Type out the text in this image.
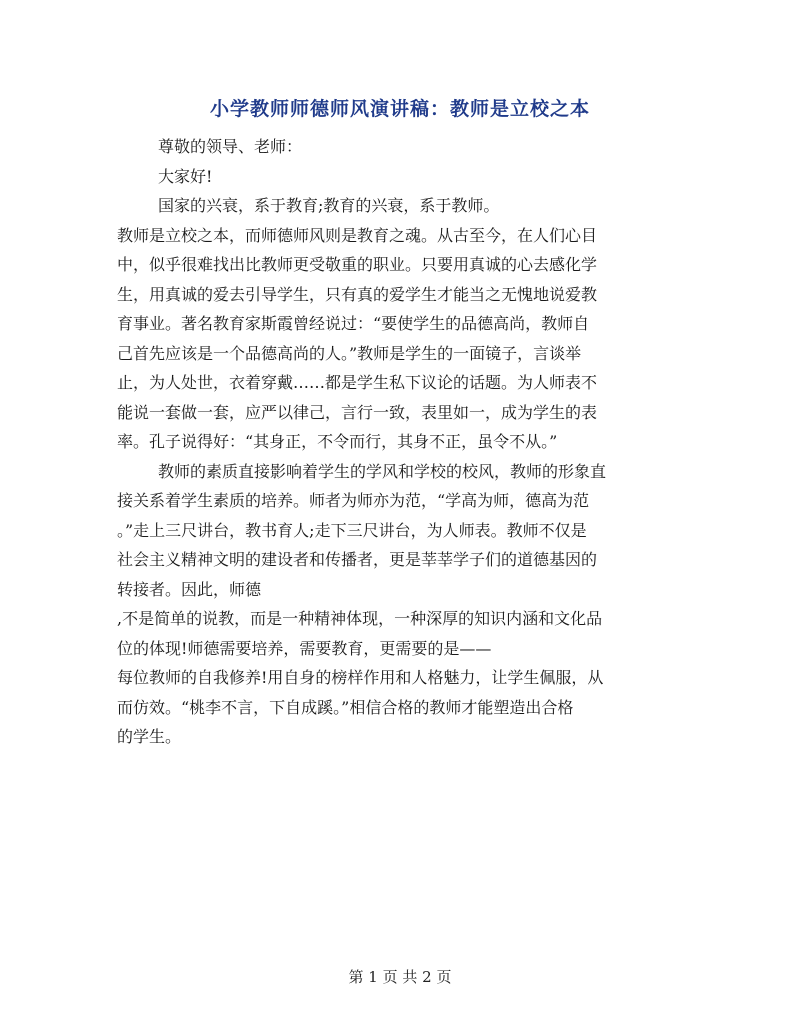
小学教师师德师风演讲稿：教师是立校之本
尊敬的领导、老师：
大家好!
国家的兴衰，系于教育;教育的兴衰，系于教师。
教师是立校之本，而师德师风则是教育之魂。从古至今，在人们心目
中，似乎很难找出比教师更受敬重的职业。只要用真诚的心去感化学
生，用真诚的爱去引导学生，只有真的爱学生才能当之无愧地说爱教
育事业。著名教育家斯霞曾经说过：“要使学生的品德高尚，教师自
己首先应该是一个品德高尚的人。”教师是学生的一面镜子，言谈举
止，为人处世，衣着穿戴……都是学生私下议论的话题。为人师表不
能说一套做一套，应严以律己，言行一致，表里如一，成为学生的表
率。孔子说得好：“其身正，不令而行，其身不正，虽令不从。”
教师的素质直接影响着学生的学风和学校的校风，教师的形象直
接关系着学生素质的培养。师者为师亦为范，“学高为师，德高为范
。”走上三尺讲台，教书育人;走下三尺讲台，为人师表。教师不仅是
社会主义精神文明的建设者和传播者，更是莘莘学子们的道德基因的
转接者。因此，师德
,不是简单的说教，而是一种精神体现，一种深厚的知识内涵和文化品
位的体现!师德需要培养，需要教育，更需要的是——
每位教师的自我修养!用自身的榜样作用和人格魅力，让学生佩服，从
而仿效。“桃李不言，下自成蹊。”相信合格的教师才能塑造出合格
的学生。
第 1 页 共 2 页
